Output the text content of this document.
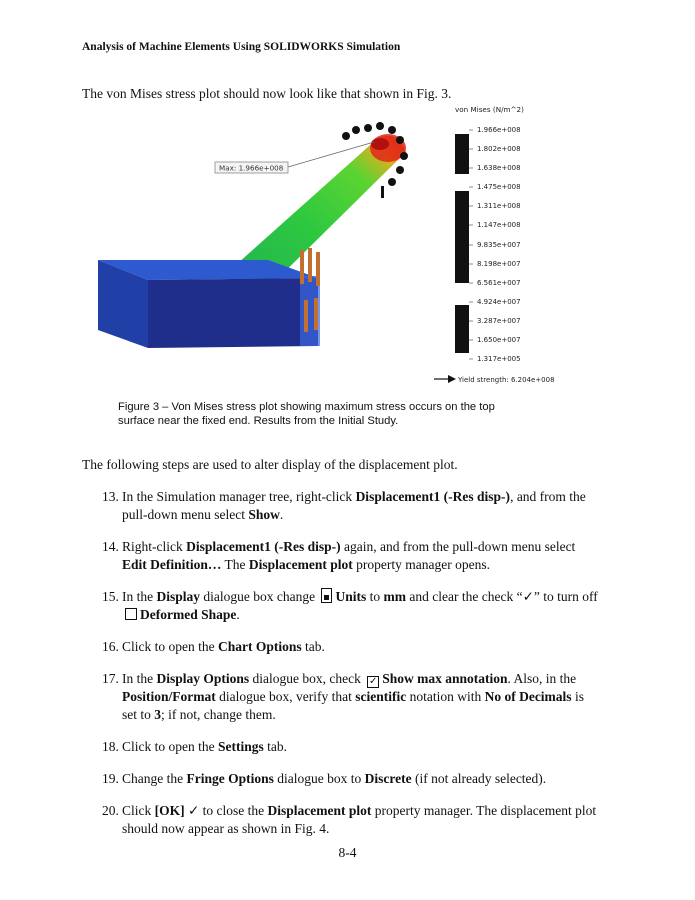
Analysis of Machine Elements Using SOLIDWORKS Simulation
The von Mises stress plot should now look like that shown in Fig. 3.
Max: 1.966e+008
von Mises (N/m^2)
1.966e+008
1.802e+008
1.638e+008
1.475e+008
1.311e+008
1.147e+008
9.835e+007
8.198e+007
6.561e+007
4.924e+007
3.287e+007
1.650e+007
1.317e+005
Yield strength: 6.204e+008
Figure 3 – Von Mises stress plot showing maximum stress occurs on the top
surface near the fixed end. Results from the Initial Study.
The following steps are used to alter display of the displacement plot.
13. In the Simulation manager tree, right-click Displacement1 (-Res disp-), and from the pull-down menu select Show.
14. Right-click Displacement1 (-Res disp-) again, and from the pull-down menu select Edit Definition… The Displacement plot property manager opens.
15. In the Display dialogue box change Units to mm and clear the check “✓” to turn off Deformed Shape.
16. Click to open the Chart Options tab.
17. In the Display Options dialogue box, check ✓ Show max annotation. Also, in the Position/Format dialogue box, verify that scientific notation with No of Decimals is set to 3; if not, change them.
18. Click to open the Settings tab.
19. Change the Fringe Options dialogue box to Discrete (if not already selected).
20. Click [OK] ✓ to close the Displacement plot property manager. The displacement plot should now appear as shown in Fig. 4.
8-4
